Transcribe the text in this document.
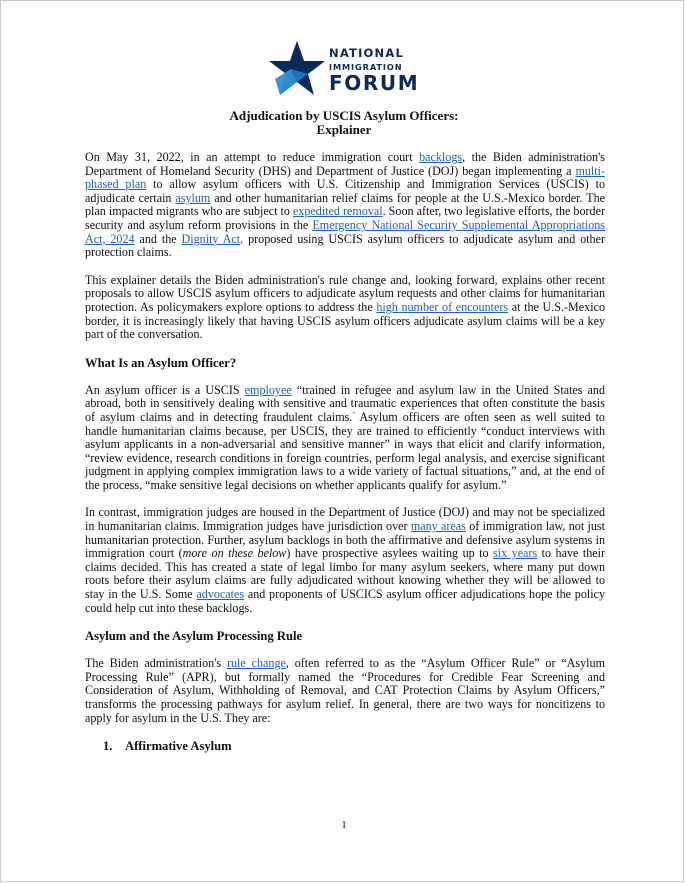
NATIONAL
IMMIGRATION
FORUM
Adjudication by USCIS Asylum Officers:
Explainer

On May 31, 2022, in an attempt to reduce immigration court backlogs, the Biden administration's Department of Homeland Security (DHS) and Department of Justice (DOJ) began implementing a multi-phased plan to allow asylum officers with U.S. Citizenship and Immigration Services (USCIS) to adjudicate certain asylum and other humanitarian relief claims for people at the U.S.-Mexico border. The plan impacted migrants who are subject to expedited removal. Soon after, two legislative efforts, the border security and asylum reform provisions in the Emergency National Security Supplemental Appropriations Act, 2024 and the Dignity Act, proposed using USCIS asylum officers to adjudicate asylum and other protection claims.

This explainer details the Biden administration's rule change and, looking forward, explains other recent proposals to allow USCIS asylum officers to adjudicate asylum requests and other claims for humanitarian protection. As policymakers explore options to address the high number of encounters at the U.S.-Mexico border, it is increasingly likely that having USCIS asylum officers adjudicate asylum claims will be a key part of the conversation.

What Is an Asylum Officer?

An asylum officer is a USCIS employee “trained in refugee and asylum law in the United States and abroad, both in sensitively dealing with sensitive and traumatic experiences that often constitute the basis of asylum claims and in detecting fraudulent claims.” Asylum officers are often seen as well suited to handle humanitarian claims because, per USCIS, they are trained to efficiently “conduct interviews with asylum applicants in a non-adversarial and sensitive manner” in ways that elicit and clarify information, “review evidence, research conditions in foreign countries, perform legal analysis, and exercise significant judgment in applying complex immigration laws to a wide variety of factual situations,” and, at the end of the process, “make sensitive legal decisions on whether applicants qualify for asylum.”

In contrast, immigration judges are housed in the Department of Justice (DOJ) and may not be specialized in humanitarian claims. Immigration judges have jurisdiction over many areas of immigration law, not just humanitarian protection. Further, asylum backlogs in both the affirmative and defensive asylum systems in immigration court (more on these below) have prospective asylees waiting up to six years to have their claims decided. This has created a state of legal limbo for many asylum seekers, where many put down roots before their asylum claims are fully adjudicated without knowing whether they will be allowed to stay in the U.S. Some advocates and proponents of USCICS asylum officer adjudications hope the policy could help cut into these backlogs.

Asylum and the Asylum Processing Rule

The Biden administration's rule change, often referred to as the “Asylum Officer Rule” or “Asylum Processing Rule” (APR), but formally named the “Procedures for Credible Fear Screening and Consideration of Asylum, Withholding of Removal, and CAT Protection Claims by Asylum Officers,” transforms the processing pathways for asylum relief. In general, there are two ways for noncitizens to apply for asylum in the U.S. They are:

1. Affirmative Asylum
1
